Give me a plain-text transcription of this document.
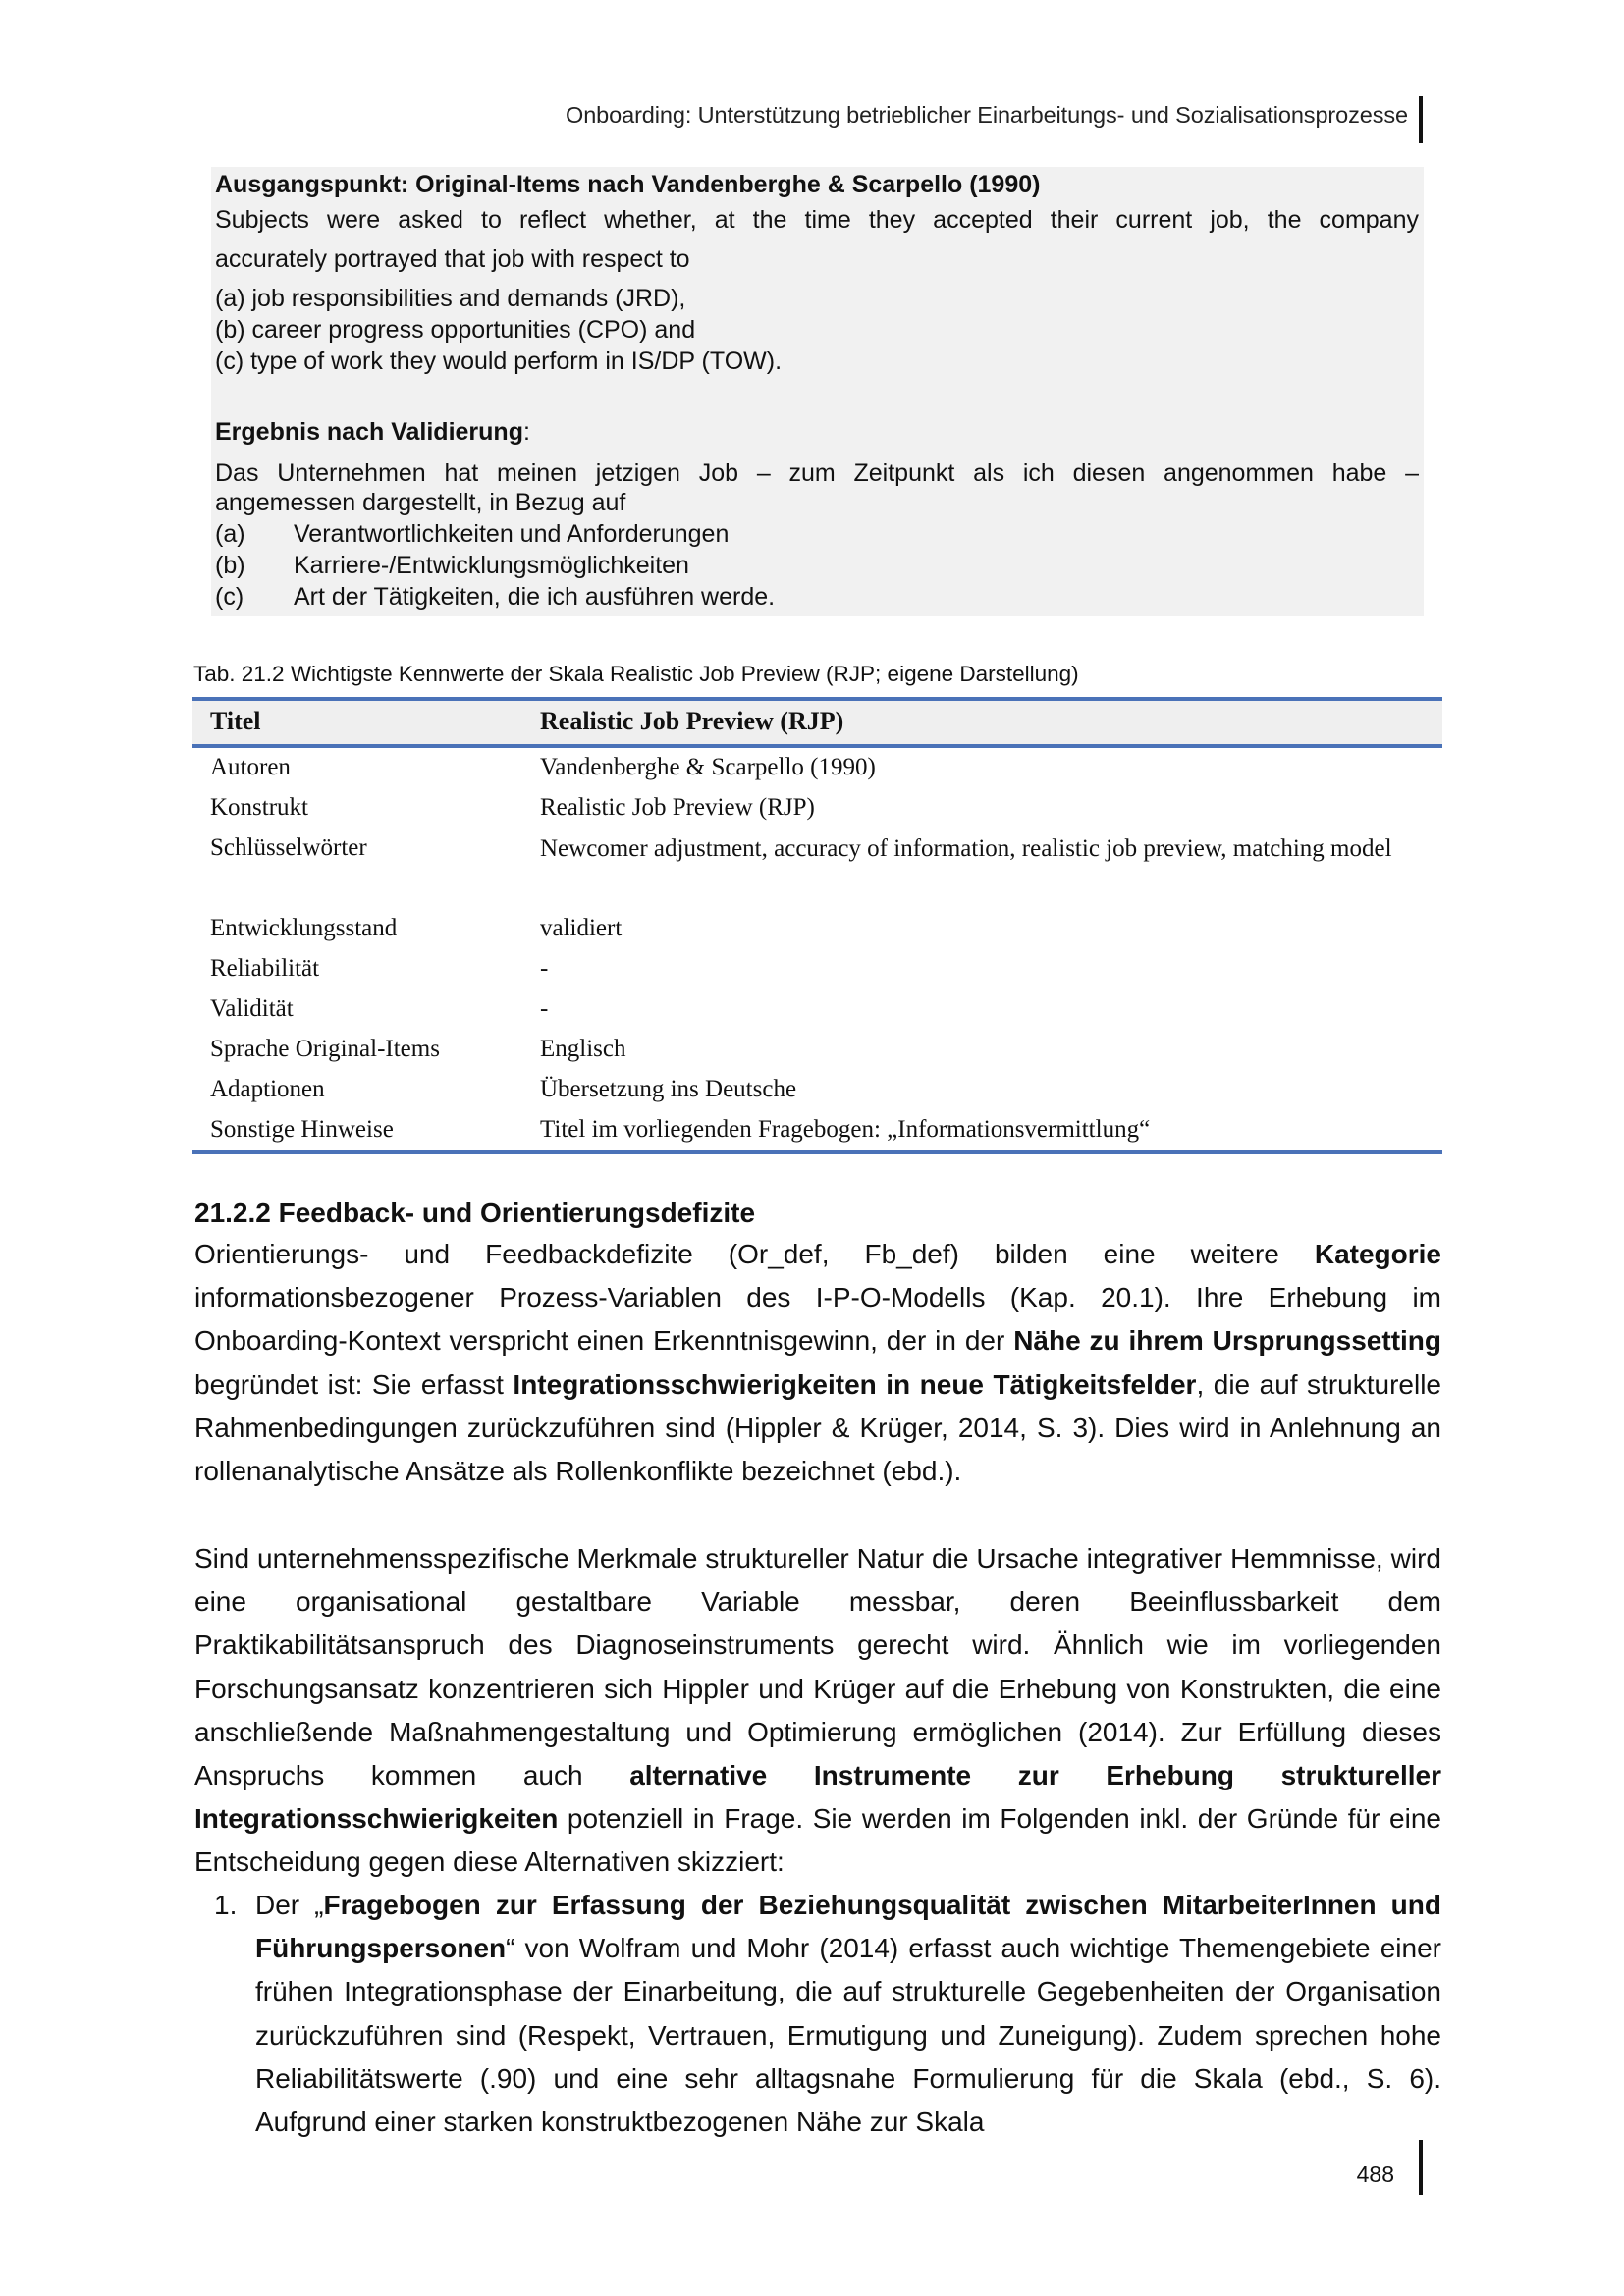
Onboarding: Unterstützung betrieblicher Einarbeitungs- und Sozialisationsprozesse
Ausgangspunkt: Original-Items nach Vandenberghe & Scarpello (1990)
Subjects were asked to reflect whether, at the time they accepted their current job, the company
accurately portrayed that job with respect to
(a) job responsibilities and demands (JRD),
(b) career progress opportunities (CPO) and
(c) type of work they would perform in IS/DP (TOW).
Ergebnis nach Validierung:
Das Unternehmen hat meinen jetzigen Job – zum Zeitpunkt als ich diesen angenommen habe –
angemessen dargestellt, in Bezug auf
(a) Verantwortlichkeiten und Anforderungen
(b) Karriere-/Entwicklungsmöglichkeiten
(c) Art der Tätigkeiten, die ich ausführen werde.
Tab. 21.2 Wichtigste Kennwerte der Skala Realistic Job Preview (RJP; eigene Darstellung)
Titel	Realistic Job Preview (RJP)
Autoren	Vandenberghe & Scarpello (1990)
Konstrukt	Realistic Job Preview (RJP)
Schlüsselwörter	Newcomer adjustment, accuracy of information, realistic job preview, matching model
Entwicklungsstand	validiert
Reliabilität	-
Validität	-
Sprache Original-Items	Englisch
Adaptionen	Übersetzung ins Deutsche
Sonstige Hinweise	Titel im vorliegenden Fragebogen: „Informationsvermittlung“
21.2.2 Feedback- und Orientierungsdefizite
Orientierungs- und Feedbackdefizite (Or_def, Fb_def) bilden eine weitere Kategorie informationsbezogener Prozess-Variablen des I-P-O-Modells (Kap. 20.1). Ihre Erhebung im Onboarding-Kontext verspricht einen Erkenntnisgewinn, der in der Nähe zu ihrem Ursprungssetting begründet ist: Sie erfasst Integrationsschwierigkeiten in neue Tätigkeitsfelder, die auf strukturelle Rahmenbedingungen zurückzuführen sind (Hippler & Krüger, 2014, S. 3). Dies wird in Anlehnung an rollenanalytische Ansätze als Rollenkonflikte bezeichnet (ebd.).
Sind unternehmensspezifische Merkmale struktureller Natur die Ursache integrativer Hemmnisse, wird eine organisational gestaltbare Variable messbar, deren Beeinflussbarkeit dem Praktikabilitätsanspruch des Diagnoseinstruments gerecht wird. Ähnlich wie im vorliegenden Forschungsansatz konzentrieren sich Hippler und Krüger auf die Erhebung von Konstrukten, die eine anschließende Maßnahmengestaltung und Optimierung ermöglichen (2014). Zur Erfüllung dieses Anspruchs kommen auch alternative Instrumente zur Erhebung struktureller Integrationsschwierigkeiten potenziell in Frage. Sie werden im Folgenden inkl. der Gründe für eine Entscheidung gegen diese Alternativen skizziert:
1. Der „Fragebogen zur Erfassung der Beziehungsqualität zwischen MitarbeiterInnen und Führungspersonen“ von Wolfram und Mohr (2014) erfasst auch wichtige Themengebiete einer frühen Integrationsphase der Einarbeitung, die auf strukturelle Gegebenheiten der Organisation zurückzuführen sind (Respekt, Vertrauen, Ermutigung und Zuneigung). Zudem sprechen hohe Reliabilitätswerte (.90) und eine sehr alltagsnahe Formulierung für die Skala (ebd., S. 6). Aufgrund einer starken konstruktbezogenen Nähe zur Skala
488
